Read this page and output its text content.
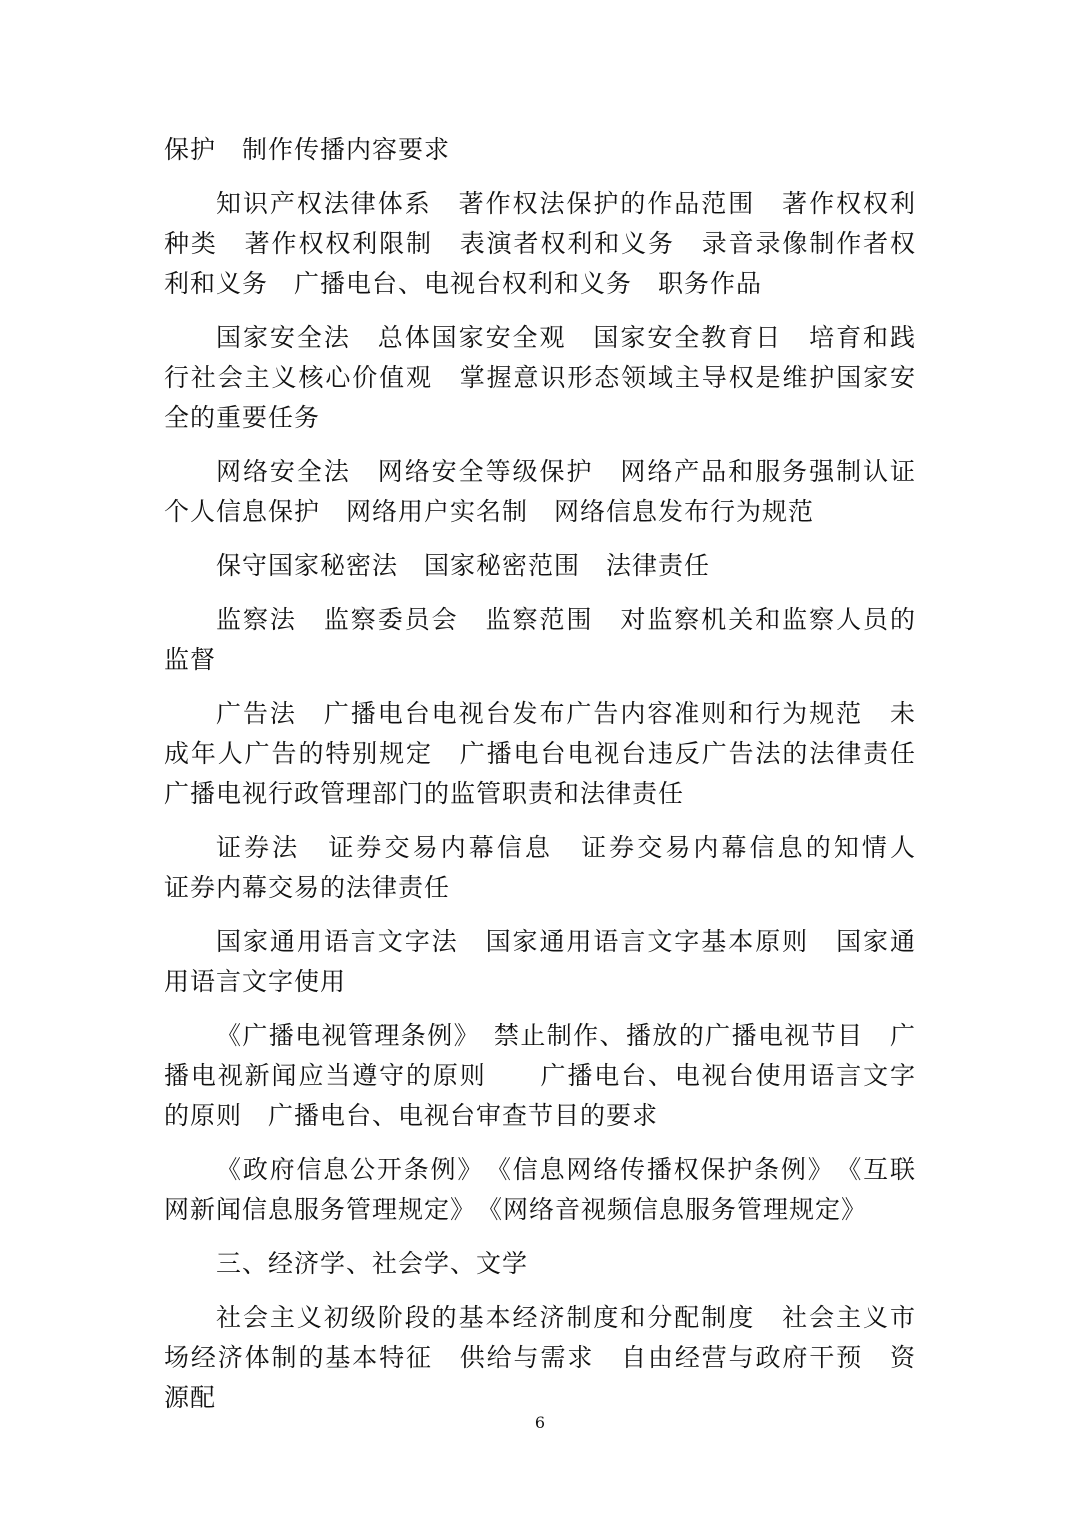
保护　制作传播内容要求

知识产权法律体系　著作权法保护的作品范围　著作权权利种类　著作权权利限制　表演者权利和义务　录音录像制作者权利和义务　广播电台、电视台权利和义务　职务作品

国家安全法　总体国家安全观　国家安全教育日　培育和践行社会主义核心价值观　掌握意识形态领域主导权是维护国家安全的重要任务

网络安全法　网络安全等级保护　网络产品和服务强制认证　个人信息保护　网络用户实名制　网络信息发布行为规范

保守国家秘密法　国家秘密范围　法律责任

监察法　监察委员会　监察范围　对监察机关和监察人员的监督

广告法　广播电台电视台发布广告内容准则和行为规范　未成年人广告的特别规定　广播电台电视台违反广告法的法律责任　广播电视行政管理部门的监管职责和法律责任

证券法　证券交易内幕信息　证券交易内幕信息的知情人　证券内幕交易的法律责任

国家通用语言文字法　国家通用语言文字基本原则　国家通用语言文字使用

《广播电视管理条例》　禁止制作、播放的广播电视节目　广播电视新闻应当遵守的原则　　广播电台、电视台使用语言文字的原则　广播电台、电视台审查节目的要求

《政府信息公开条例》　《信息网络传播权保护条例》　《互联网新闻信息服务管理规定》　《网络音视频信息服务管理规定》

三、经济学、社会学、文学

社会主义初级阶段的基本经济制度和分配制度　社会主义市场经济体制的基本特征　供给与需求　自由经营与政府干预　资源配

6
